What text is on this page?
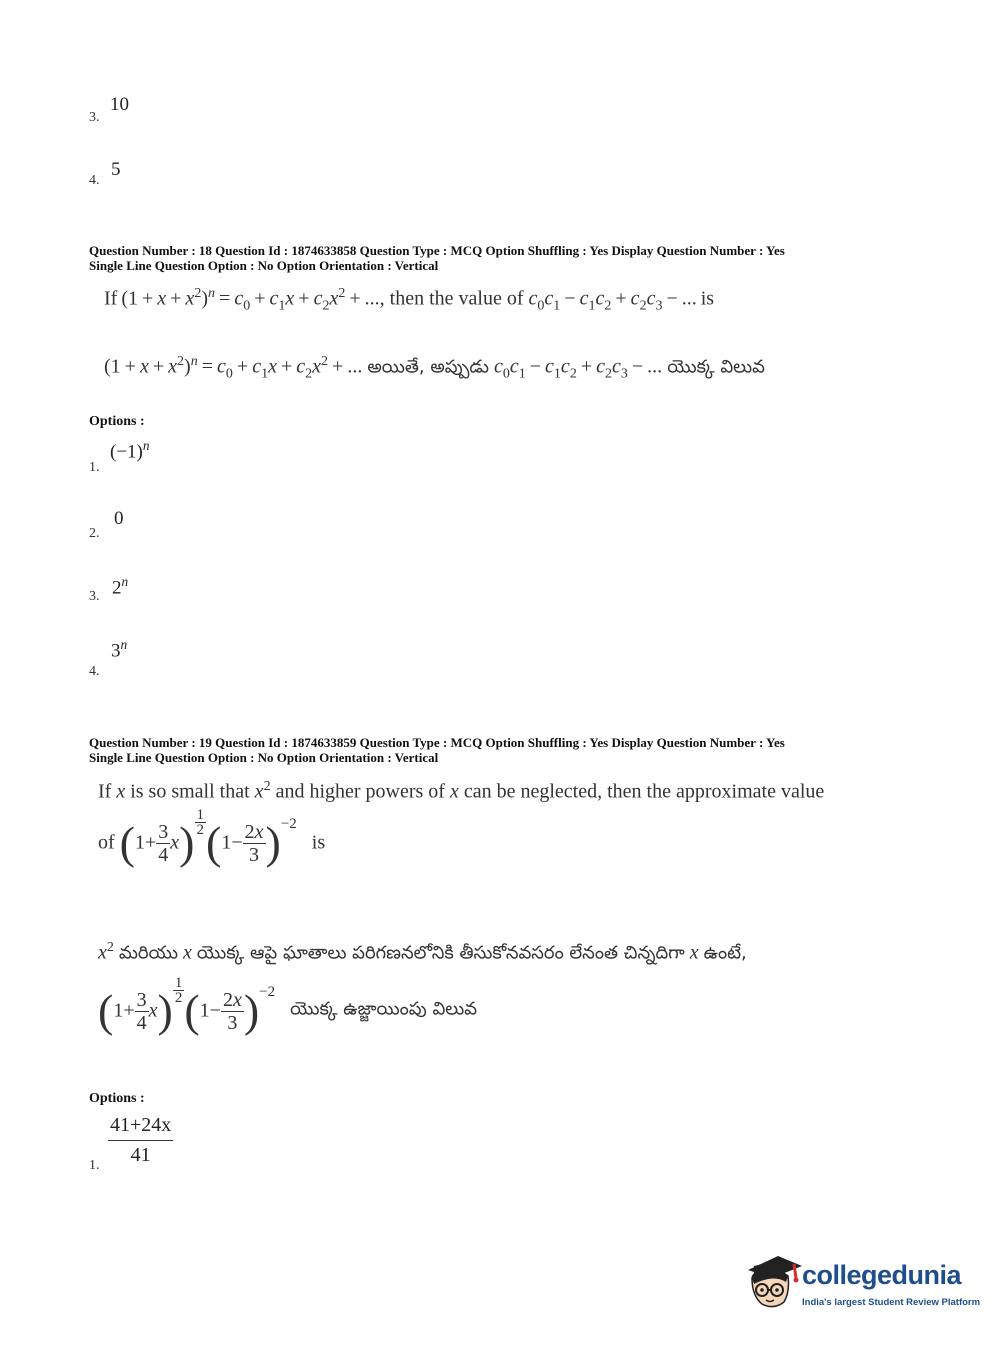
3.
10
4.
5
Question Number : 18 Question Id : 1874633858 Question Type : MCQ Option Shuffling : Yes Display Question Number : Yes
Single Line Question Option : No Option Orientation : Vertical
If $(1 + x + x^2)^n = c_0 + c_1x + c_2x^2$ + ..., then the value of $c_0c_1 - c_1c_2 + c_2c_3$ − ... is
$(1 + x + x^2)^n = c_0 + c_1x + c_2x^2$ + ... అయితే, అప్పుడు $c_0c_1 - c_1c_2 + c_2c_3$ − ... యొక్క విలువ
Options :
1.
$(-1)^n$
2.
0
3. 2$^n$
4.
3$^n$
Question Number : 19 Question Id : 1874633859 Question Type : MCQ Option Shuffling : Yes Display Question Number : Yes
Single Line Question Option : No Option Orientation : Vertical
If x is so small that $x^2$ and higher powers of x can be neglected, then the approximate value
of $(1+ \frac{3}{4} x) \frac{1}{2} (1- \frac{2x}{3} )-2$   is
$x^2$ మరియు x యొక్క ఆపై ఘాతాలు పరిగణనలోనికి తీసుకోనవసరం లేనంత చిన్నదిగా x ఉంటే,
$(1+ \frac{3}{4} x) \frac{1}{2} (1- \frac{2x}{3} )-2$   యొక్క ఉజ్జాయింపు విలువ
Options :
1. $\frac{41+24x}{41}$
collegedunia
India's largest Student Review Platform
